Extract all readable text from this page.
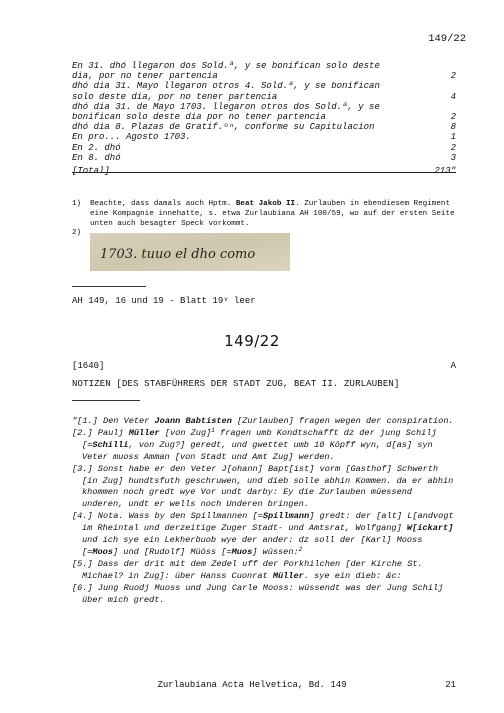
149/22
En 31. dhó llegaron dos Sold.ª, y se bonifican solo deste
dia, por no tener partencia	2
dhó dia 31. Mayo llegaron otros 4. Sold.ª, y se bonifican
solo deste dia, por no tener partencia	4
dhó dia 31. de Mayo 1703. llegaron otros dos Sold.ª, y se
bonifican solo deste dia por no tener partencia	2
dhó dia 8. Plazas de Gratif.ᵒⁿ, conforme su Capitulacion	8
En pro... Agosto 1703.	1
En 2. dhó	2
En 8. dhó	3
[Total]	213"
1)	Beachte, dass damals auch Hptm. Beat Jakob II. Zurlauben in ebendiesem Regiment eine Kompagnie innehatte, s. etwa Zurlaubiana AH 100/59, wo auf der ersten Seite unten auch besagter Speck vorkommt.
2)
1703. tuuo el dho como
AH 149, 16 und 19 - Blatt 19ᵛ leer
149/22
[1640]	A
NOTIZEN [DES STABFÜHRERS DER STADT ZUG, BEAT II. ZURLAUBEN]
"[1.] Den Veter Joann Babtisten [Zurlauben] fragen wegen der conspiration.
[2.] Paulj Müller [von Zug]$^1$ fragen umb Kondtschafft dz der jung Schilj [=Schilli, von Zug?] geredt, und gwettet umb 10 Köpff wyn, d[as] syn Veter muoss Amman [von Stadt und Amt Zug] werden.
[3.] Sonst habe er den Veter J[ohann] Bapt[ist] vorm [Gasthof] Schwerth [in Zug] hundtsfuth geschruwen, und dieb solle abhin Kommen. da er abhin khommen noch gredt wye Vor undt darby: Ey die Zurlauben müessend underen, undt er wells noch Underen bringen.
[4.] Nota. Wass by den Spillmannen [=Spillmann] gredt: der [alt] L[andvogt im Rheintal und derzeitige Zuger Stadt- und Amtsrat, Wolfgang] W[ickart] und ich sye ein Lekherbuob wye der ander: dz soll der [Karl] Mooss [=Moos] und [Rudolf] Müöss [=Muos] wüssen:$^2$
[5.] Dass der drit mit dem Zedel uff der Porkhilchen [der Kirche St. Michael? in Zug]: über Hanss Cuonrat Müller. sye ein dieb: &c:
[6.] Jung Ruodj Muoss und Jung Carle Mooss: wüssendt was der Jung Schilj über mich gredt.
Zurlaubiana Acta Helvetica, Bd. 149	21
